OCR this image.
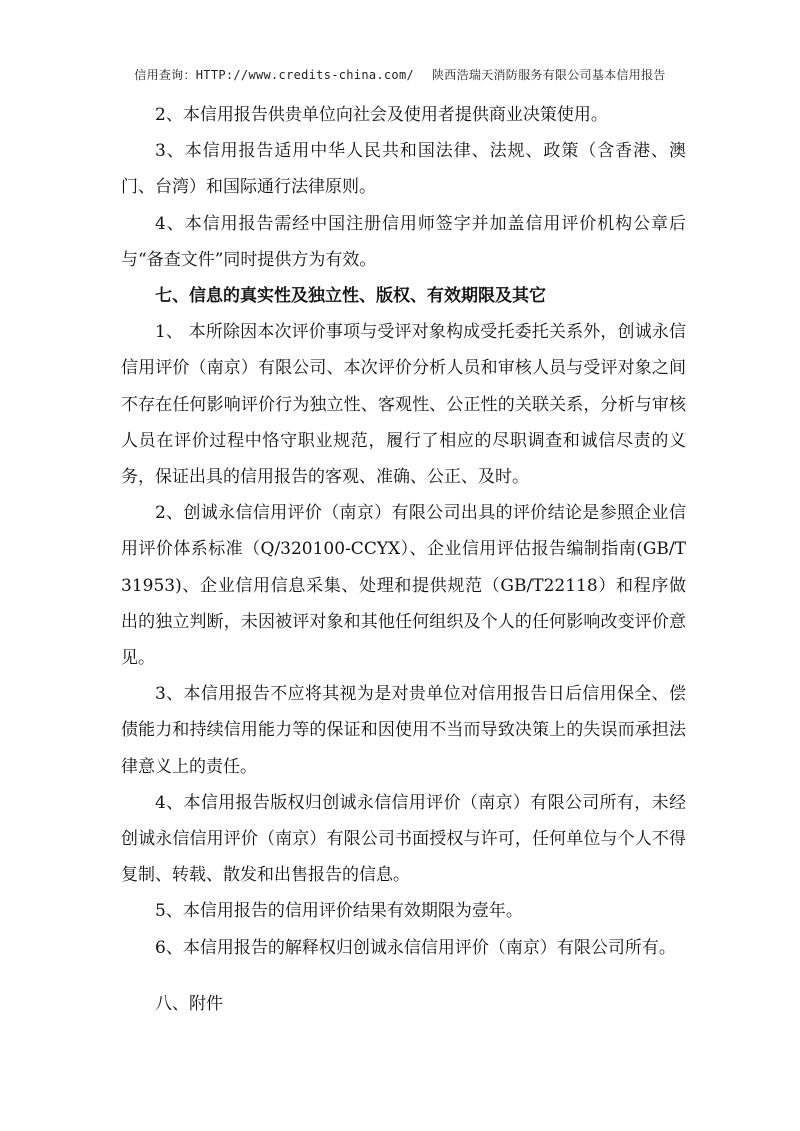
信用查询：HTTP://www.credits-china.com/ 陕西浩瑞天消防服务有限公司基本信用报告

2、本信用报告供贵单位向社会及使用者提供商业决策使用。

3、本信用报告适用中华人民共和国法律、法规、政策（含香港、澳门、台湾）和国际通行法律原则。

4、本信用报告需经中国注册信用师签字并加盖信用评价机构公章后与“备查文件”同时提供方为有效。

七、信息的真实性及独立性、版权、有效期限及其它

1、 本所除因本次评价事项与受评对象构成受托委托关系外，创诚永信信用评价（南京）有限公司、本次评价分析人员和审核人员与受评对象之间不存在任何影响评价行为独立性、客观性、公正性的关联关系，分析与审核人员在评价过程中恪守职业规范，履行了相应的尽职调查和诚信尽责的义务，保证出具的信用报告的客观、准确、公正、及时。

2、创诚永信信用评价（南京）有限公司出具的评价结论是参照企业信用评价体系标准（Q/320100-CCYX）、企业信用评估报告编制指南(GB/T31953)、企业信用信息采集、处理和提供规范（GB/T22118）和程序做出的独立判断，未因被评对象和其他任何组织及个人的任何影响改变评价意见。

3、本信用报告不应将其视为是对贵单位对信用报告日后信用保全、偿债能力和持续信用能力等的保证和因使用不当而导致决策上的失误而承担法律意义上的责任。

4、本信用报告版权归创诚永信信用评价（南京）有限公司所有，未经创诚永信信用评价（南京）有限公司书面授权与许可，任何单位与个人不得复制、转载、散发和出售报告的信息。

5、本信用报告的信用评价结果有效期限为壹年。

6、本信用报告的解释权归创诚永信信用评价（南京）有限公司所有。

八、附件
